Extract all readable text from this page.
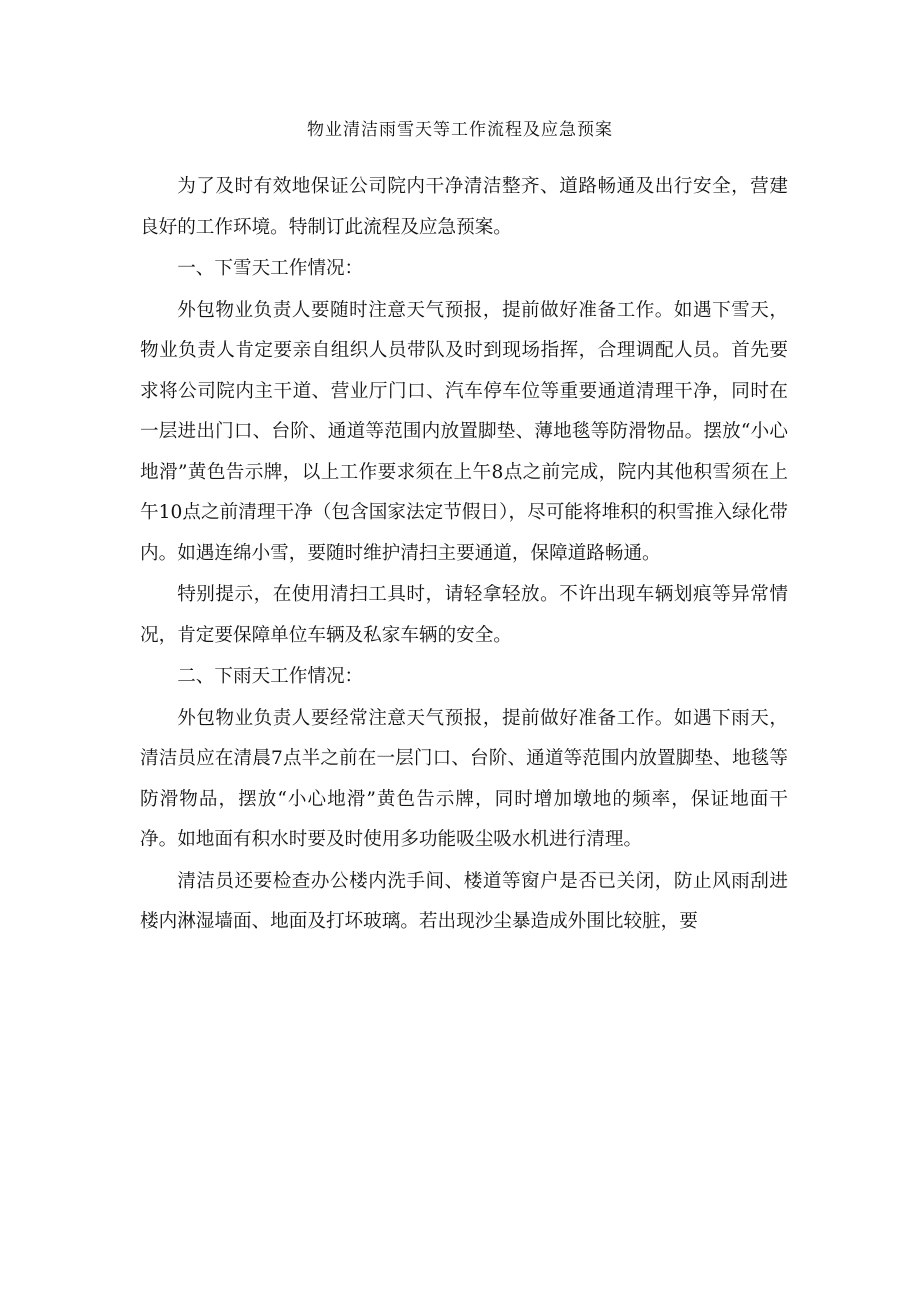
物业清洁雨雪天等工作流程及应急预案

为了及时有效地保证公司院内干净清洁整齐、道路畅通及出行安全，营建良好的工作环境。特制订此流程及应急预案。

一、下雪天工作情况：

外包物业负责人要随时注意天气预报，提前做好准备工作。如遇下雪天，物业负责人肯定要亲自组织人员带队及时到现场指挥，合理调配人员。首先要求将公司院内主干道、营业厅门口、汽车停车位等重要通道清理干净，同时在一层进出门口、台阶、通道等范围内放置脚垫、薄地毯等防滑物品。摆放“小心地滑”黄色告示牌，以上工作要求须在上午8点之前完成，院内其他积雪须在上午10点之前清理干净（包含国家法定节假日），尽可能将堆积的积雪推入绿化带内。如遇连绵小雪，要随时维护清扫主要通道，保障道路畅通。

特别提示，在使用清扫工具时，请轻拿轻放。不许出现车辆划痕等异常情况，肯定要保障单位车辆及私家车辆的安全。

二、下雨天工作情况：

外包物业负责人要经常注意天气预报，提前做好准备工作。如遇下雨天，清洁员应在清晨7点半之前在一层门口、台阶、通道等范围内放置脚垫、地毯等防滑物品，摆放“小心地滑”黄色告示牌，同时增加墩地的频率，保证地面干净。如地面有积水时要及时使用多功能吸尘吸水机进行清理。

清洁员还要检查办公楼内洗手间、楼道等窗户是否已关闭，防止风雨刮进楼内淋湿墙面、地面及打坏玻璃。若出现沙尘暴造成外围比较脏，要
